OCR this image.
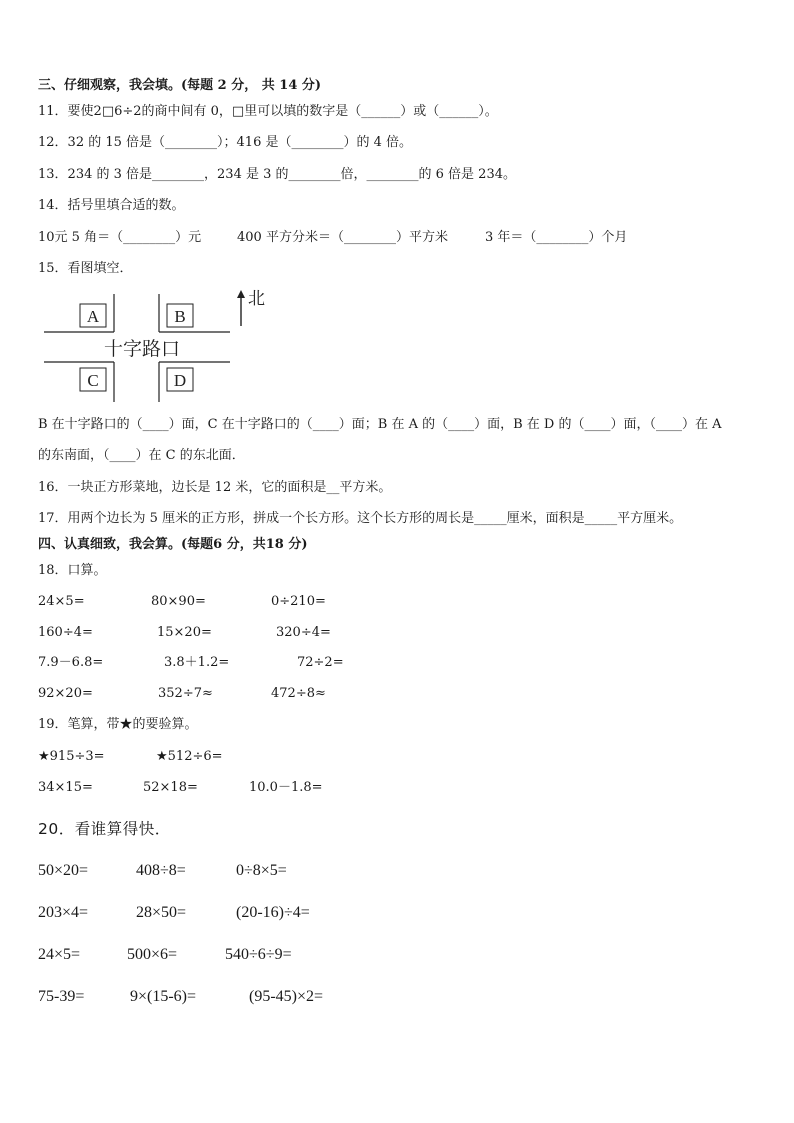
三、仔细观察，我会填。(每题 2 分， 共 14 分)
11．要使2□6÷2的商中间有 0，□里可以填的数字是（______）或（______）。
12．32 的 15 倍是（________）；416 是（________）的 4 倍。
13．234 的 3 倍是________，234 是 3 的________倍，________的 6 倍是 234。
14．括号里填合适的数。
10元 5 角＝（________）元	400 平方分米＝（________）平方米	3 年＝（________）个月
15．看图填空．
A	B
C	D
十字路口
北
B 在十字路口的（____）面，C 在十字路口的（____）面；B 在 A 的（____）面，B 在 D 的（____）面，（____）在 A
的东南面，（____）在 C 的东北面．
16．一块正方形菜地，边长是 12 米，它的面积是__平方米。
17．用两个边长为 5 厘米的正方形，拼成一个长方形。这个长方形的周长是_____厘米，面积是_____平方厘米。
四、认真细致，我会算。(每题6 分，共18 分)
18．口算。
24×5=	80×90=	0÷210=
160÷4=	15×20=	320÷4=
7.9－6.8=	3.8＋1.2=	72÷2=
92×20=	352÷7≈	472÷8≈
19．笔算，带★的要验算。
★915÷3=	★512÷6=
34×15=	52×18=	10.0－1.8=
20．看谁算得快．
50×20=	408÷8=	0÷8×5=
203×4=	28×50=	(20-16)÷4=
24×5=	500×6=	540÷6÷9=
75-39=	9×(15-6)=	(95-45)×2=
